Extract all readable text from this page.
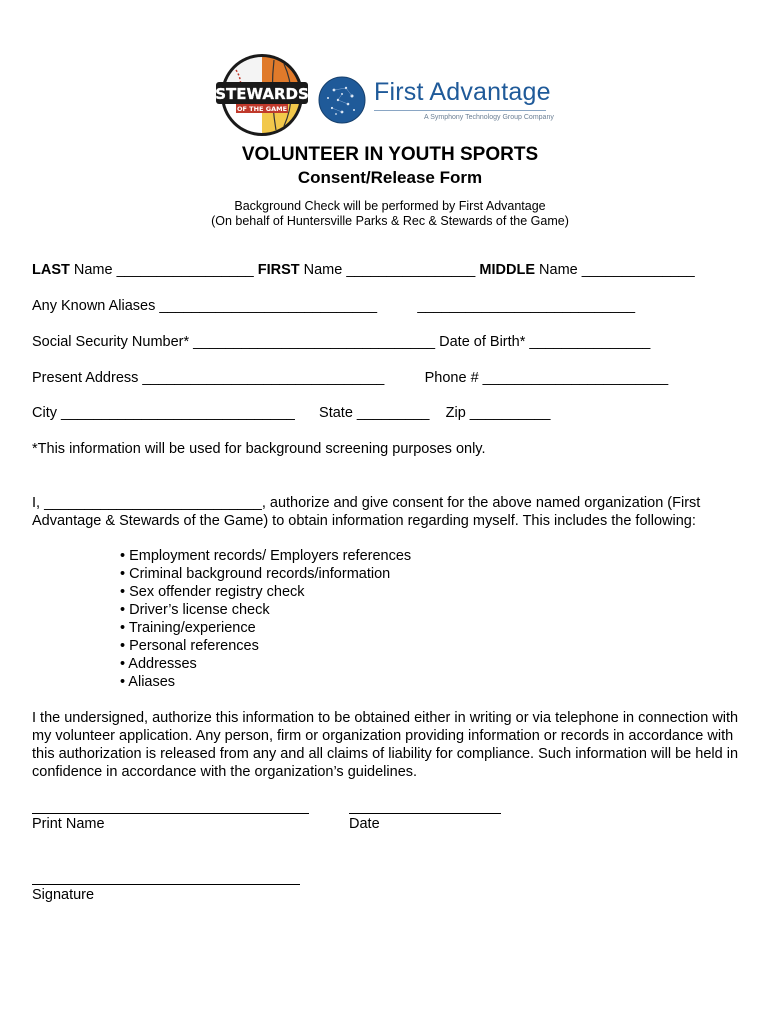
STEWARDS
OF THE GAME
First Advantage
A Symphony Technology Group Company
VOLUNTEER IN YOUTH SPORTS
Consent/Release Form
Background Check will be performed by First Advantage
(On behalf of Huntersville Parks & Rec & Stewards of the Game)
LAST Name _________________ FIRST Name ________________ MIDDLE Name ______________
Any Known Aliases ___________________________          ___________________________
Social Security Number* ______________________________ Date of Birth* _______________
Present Address ______________________________          Phone # _______________________
City _____________________________      State _________    Zip __________
*This information will be used for background screening purposes only.
I, ___________________________, authorize and give consent for the above named organization (First Advantage & Stewards of the Game) to obtain information regarding myself. This includes the following:
• Employment records/ Employers references
• Criminal background records/information
• Sex offender registry check
• Driver’s license check
• Training/experience
• Personal references
• Addresses
• Aliases
I the undersigned, authorize this information to be obtained either in writing or via telephone in connection with my volunteer application. Any person, firm or organization providing information or records in accordance with this authorization is released from any and all claims of liability for compliance. Such information will be held in confidence in accordance with the organization’s guidelines.
Print Name	Date
Signature
